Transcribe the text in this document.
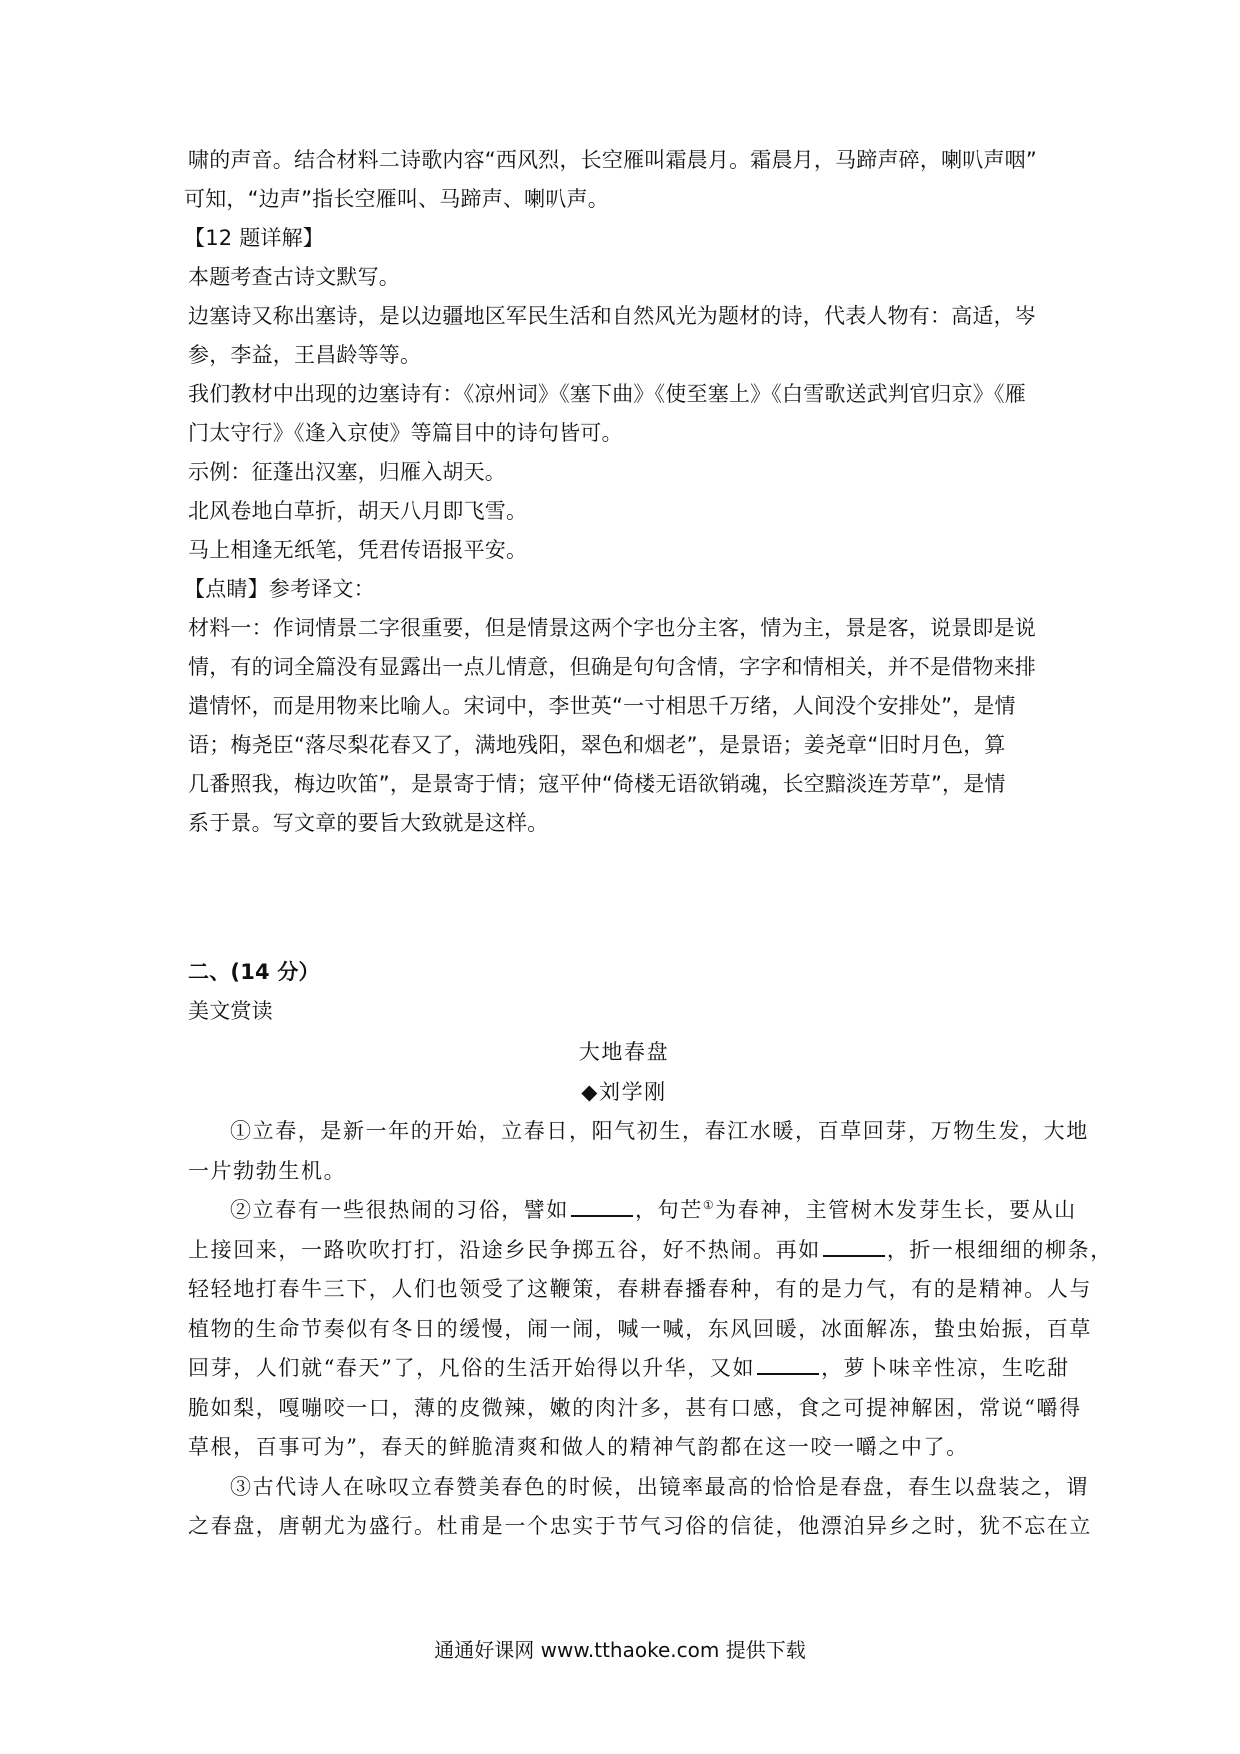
啸的声音。结合材料二诗歌内容“西风烈，长空雁叫霜晨月。霜晨月，马蹄声碎，喇叭声咽”
可知，“边声”指长空雁叫、马蹄声、喇叭声。
【12 题详解】
本题考查古诗文默写。
边塞诗又称出塞诗，是以边疆地区军民生活和自然风光为题材的诗，代表人物有：高适，岑
参，李益，王昌龄等等。
我们教材中出现的边塞诗有：《凉州词》《塞下曲》《使至塞上》《白雪歌送武判官归京》《雁
门太守行》《逢入京使》等篇目中的诗句皆可。
示例：征蓬出汉塞，归雁入胡天。
北风卷地白草折，胡天八月即飞雪。
马上相逢无纸笔，凭君传语报平安。
【点睛】参考译文：
材料一：作词情景二字很重要，但是情景这两个字也分主客，情为主，景是客，说景即是说
情，有的词全篇没有显露出一点儿情意，但确是句句含情，字字和情相关，并不是借物来排
遣情怀，而是用物来比喻人。宋词中，李世英“一寸相思千万绪，人间没个安排处”，是情
语；梅尧臣“落尽梨花春又了，满地残阳，翠色和烟老”，是景语；姜尧章“旧时月色，算
几番照我，梅边吹笛”，是景寄于情；寇平仲“倚楼无语欲销魂，长空黯淡连芳草”，是情
系于景。写文章的要旨大致就是这样。
二、(14 分）
美文赏读
大地春盘
◆刘学刚
①立春，是新一年的开始，立春日，阳气初生，春江水暖，百草回芽，万物生发，大地
一片勃勃生机。
②立春有一些很热闹的习俗，譬如	，句芒①为春神，主管树木发芽生长，要从山
上接回来，一路吹吹打打，沿途乡民争掷五谷，好不热闹。再如	，折一根细细的柳条，
轻轻地打春牛三下，人们也领受了这鞭策，春耕春播春种，有的是力气，有的是精神。人与
植物的生命节奏似有冬日的缓慢，闹一闹，喊一喊，东风回暖，冰面解冻，蛰虫始振，百草
回芽，人们就“春天”了，凡俗的生活开始得以升华，又如	，萝卜味辛性凉，生吃甜
脆如梨，嘎嘣咬一口，薄的皮微辣，嫩的肉汁多，甚有口感，食之可提神解困，常说“嚼得
草根，百事可为”，春天的鲜脆清爽和做人的精神气韵都在这一咬一嚼之中了。
③古代诗人在咏叹立春赞美春色的时候，出镜率最高的恰恰是春盘，春生以盘装之，谓
之春盘，唐朝尤为盛行。杜甫是一个忠实于节气习俗的信徒，他漂泊异乡之时，犹不忘在立
通通好课网 www.tthaoke.com 提供下载
